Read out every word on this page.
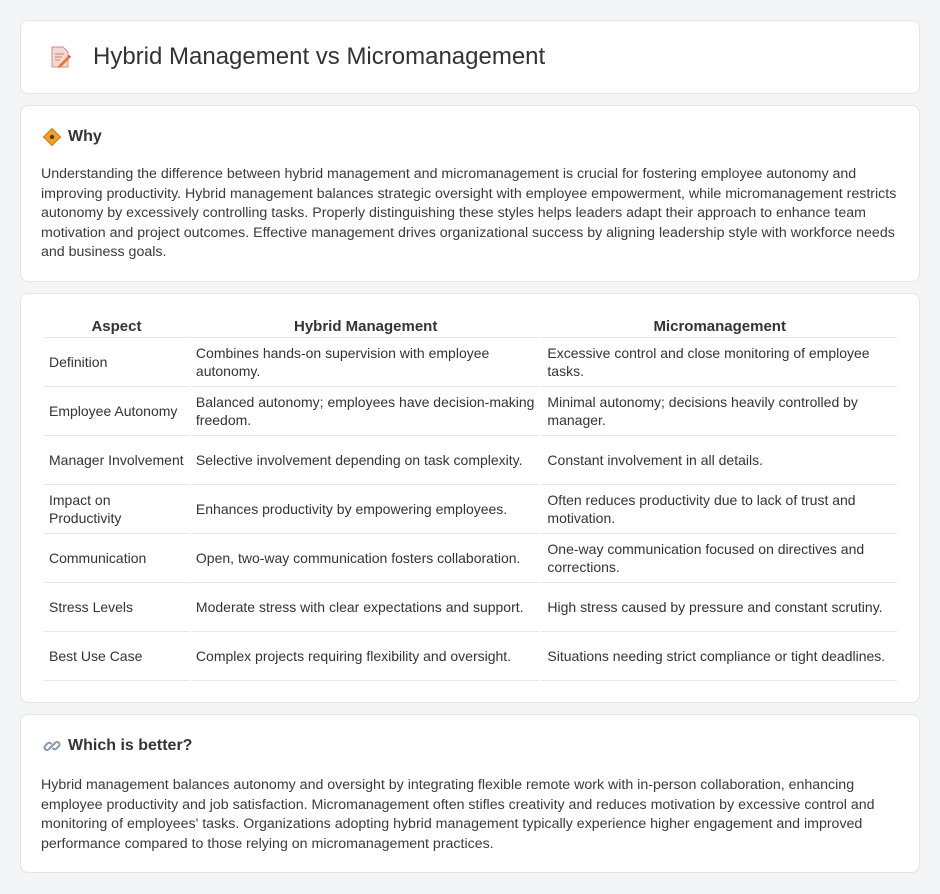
Hybrid Management vs Micromanagement
Why

Understanding the difference between hybrid management and micromanagement is crucial for fostering employee autonomy and improving productivity. Hybrid management balances strategic oversight with employee empowerment, while micromanagement restricts autonomy by excessively controlling tasks. Properly distinguishing these styles helps leaders adapt their approach to enhance team motivation and project outcomes. Effective management drives organizational success by aligning leadership style with workforce needs and business goals.

Aspect	Hybrid Management	Micromanagement
Definition	Combines hands-on supervision with employee autonomy.	Excessive control and close monitoring of employee tasks.
Employee Autonomy	Balanced autonomy; employees have decision-making freedom.	Minimal autonomy; decisions heavily controlled by manager.
Manager Involvement	Selective involvement depending on task complexity.	Constant involvement in all details.
Impact on Productivity	Enhances productivity by empowering employees.	Often reduces productivity due to lack of trust and motivation.
Communication	Open, two-way communication fosters collaboration.	One-way communication focused on directives and corrections.
Stress Levels	Moderate stress with clear expectations and support.	High stress caused by pressure and constant scrutiny.
Best Use Case	Complex projects requiring flexibility and oversight.	Situations needing strict compliance or tight deadlines.
Which is better?

Hybrid management balances autonomy and oversight by integrating flexible remote work with in-person collaboration, enhancing employee productivity and job satisfaction. Micromanagement often stifles creativity and reduces motivation by excessive control and monitoring of employees' tasks. Organizations adopting hybrid management typically experience higher engagement and improved performance compared to those relying on micromanagement practices.
